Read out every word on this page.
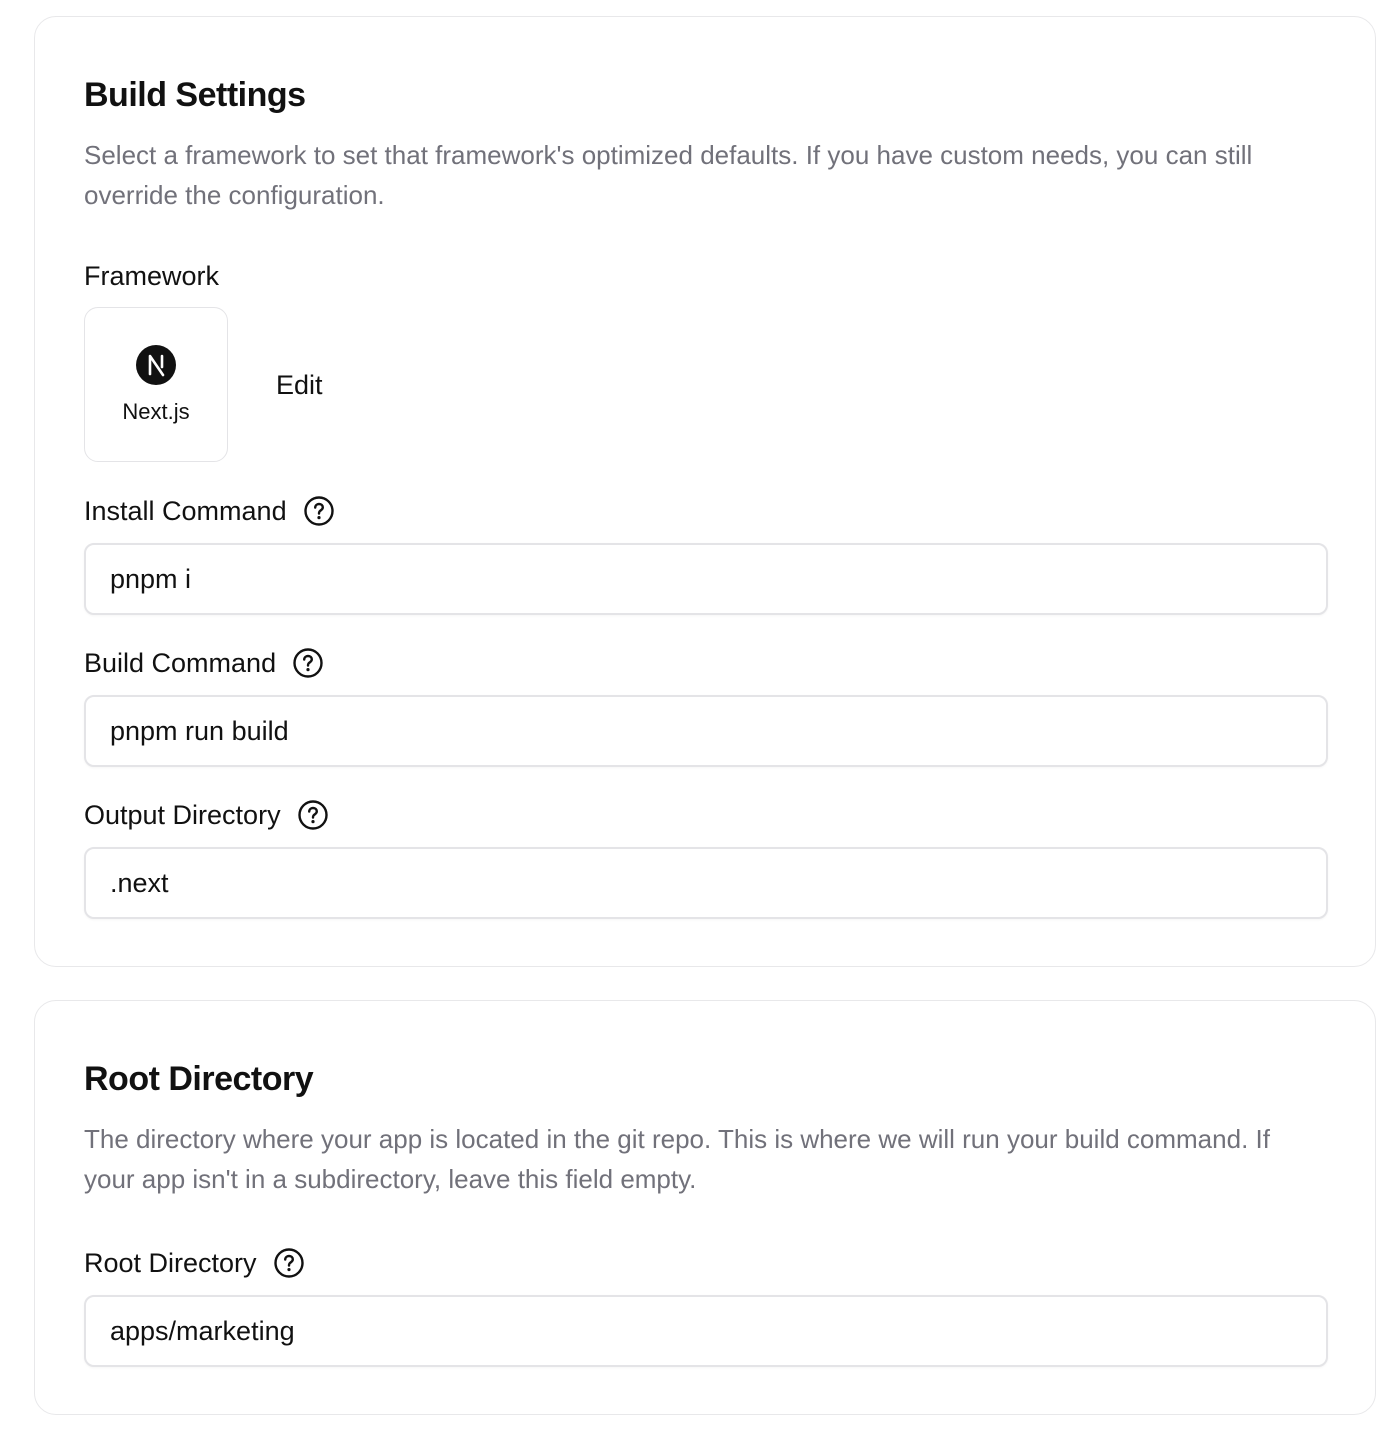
Build Settings

Select a framework to set that framework's optimized defaults. If you have custom needs, you can still override the configuration.

Framework
Next.js
Edit
Install Command
pnpm i
Build Command
pnpm run build
Output Directory
.next
Root Directory

The directory where your app is located in the git repo. This is where we will run your build command. If your app isn't in a subdirectory, leave this field empty.

Root Directory
apps/marketing
